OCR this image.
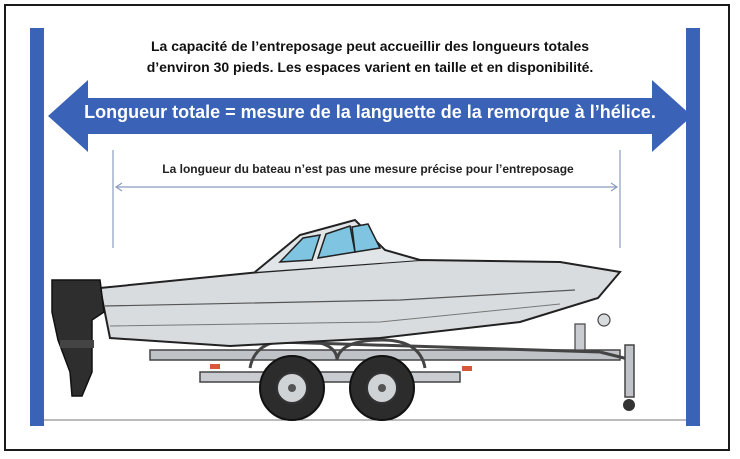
La capacité de l’entreposage peut accueillir des longueurs totales
d’environ 30 pieds. Les espaces varient en taille et en disponibilité.
Longueur totale = mesure de la languette de la remorque à l’hélice.
La longueur du bateau n’est pas une mesure précise pour l’entreposage
